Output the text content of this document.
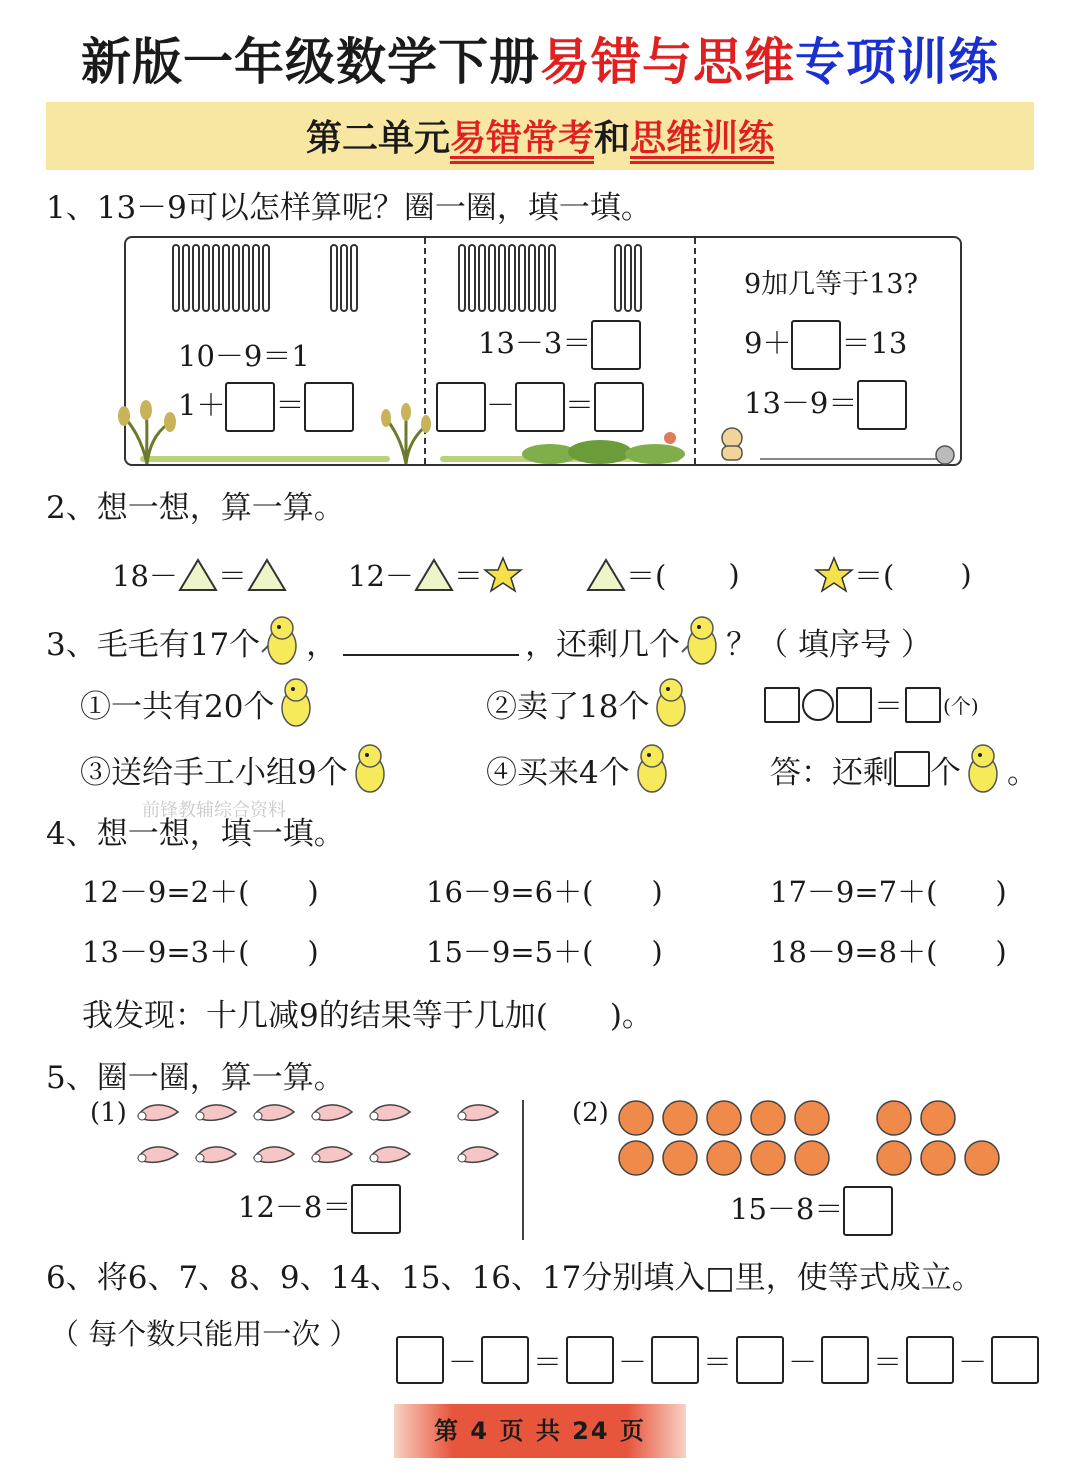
新版一年级数学下册易错与思维专项训练
第二单元易错常考和思维训练
1、13－9可以怎样算呢？圈一圈，填一填。
10－9＝1
1＋ ＝
13－3＝
－ ＝
9加几等于13?
9＋ ＝13
13－9＝
2、想一想，算一算。
18－ ＝	12－ ＝	＝( )	＝( )
3、毛毛有17个 ，	，还剩几个 ？（ 填序号 ）
①一共有20个	②卖了18个	＝ (个)
③送给手工小组9个	④买来4个	答：还剩 个 。
前锋教辅综合资料
4、想一想，填一填。
12－9=2＋( )	16－9=6＋( )	17－9=7＋( )
13－9=3＋( )	15－9=5＋( )	18－9=8＋( )
我发现：十几减9的结果等于几加( )。
5、圈一圈，算一算。
(1)
12－8＝
(2)
15－8＝
6、将6、7、8、9、14、15、16、17分别填入□里，使等式成立。
（ 每个数只能用一次 ）
－ ＝ － ＝ － ＝ －
第 4 页 共 24 页
